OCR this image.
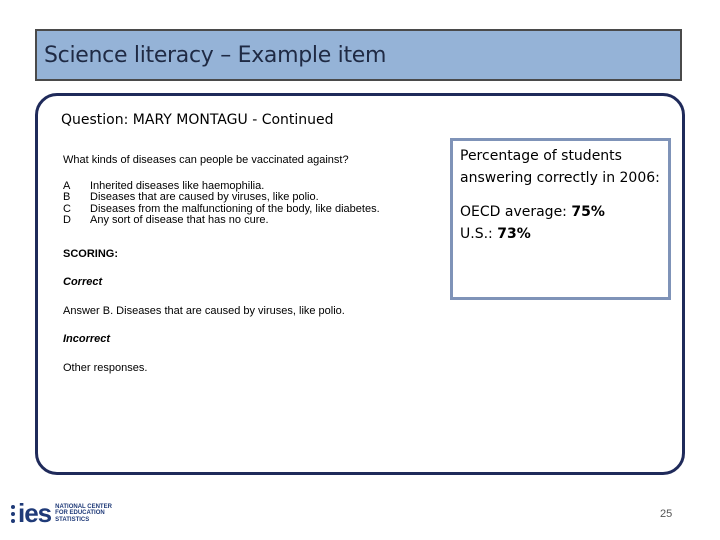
Science literacy – Example item
Question: MARY MONTAGU - Continued

What kinds of diseases can people be vaccinated against?

A	Inherited diseases like haemophilia.
B	Diseases that are caused by viruses, like polio.
C	Diseases from the malfunctioning of the body, like diabetes.
D	Any sort of disease that has no cure.
SCORING:
Correct
Answer B. Diseases that are caused by viruses, like polio.
Incorrect
Other responses.

Percentage of students answering correctly in 2006:

OECD average: 75%

U.S.: 73%

ies NATIONAL CENTER FOR EDUCATION STATISTICS	25
